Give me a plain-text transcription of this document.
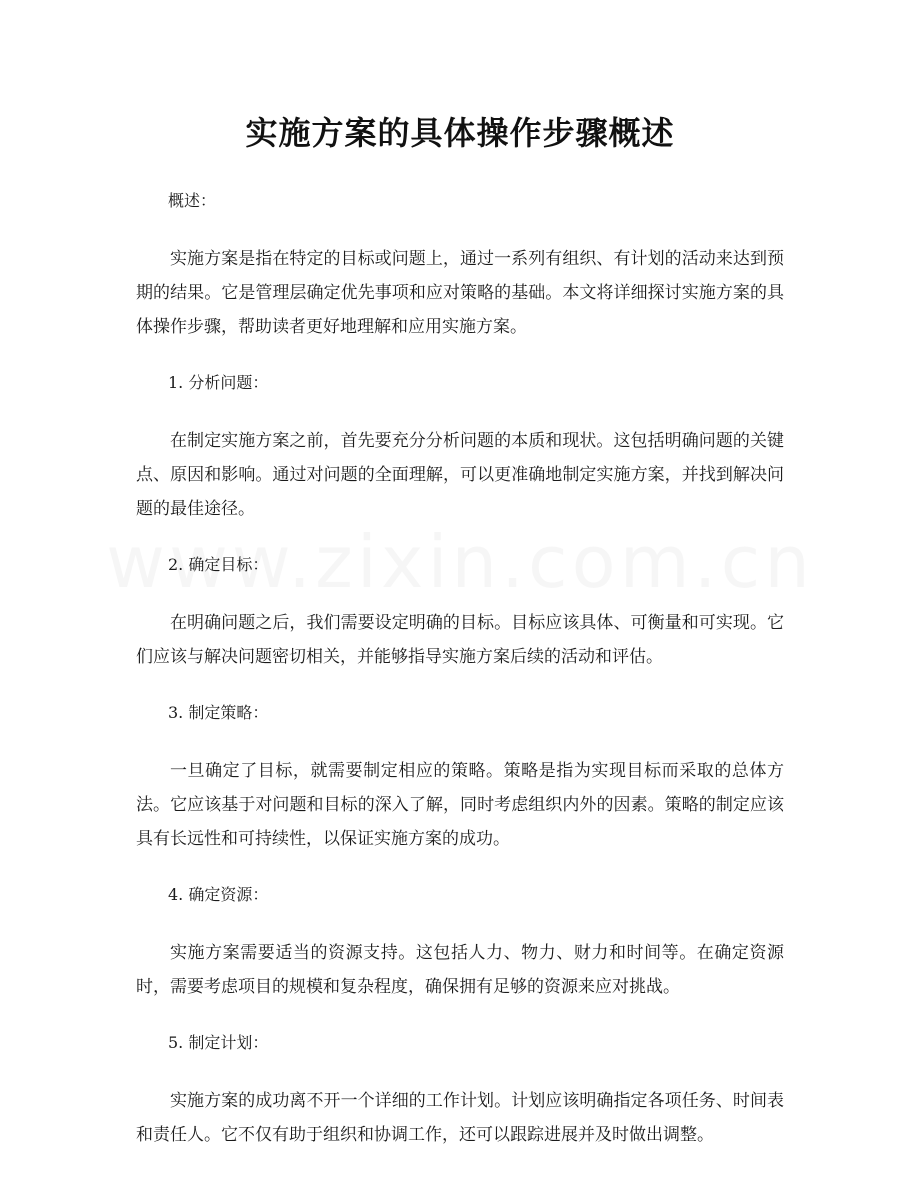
实施方案的具体操作步骤概述

概述：

实施方案是指在特定的目标或问题上，通过一系列有组织、有计划的活动来达到预期的结果。它是管理层确定优先事项和应对策略的基础。本文将详细探讨实施方案的具体操作步骤，帮助读者更好地理解和应用实施方案。

1. 分析问题：

在制定实施方案之前，首先要充分分析问题的本质和现状。这包括明确问题的关键点、原因和影响。通过对问题的全面理解，可以更准确地制定实施方案，并找到解决问题的最佳途径。

2. 确定目标：

在明确问题之后，我们需要设定明确的目标。目标应该具体、可衡量和可实现。它们应该与解决问题密切相关，并能够指导实施方案后续的活动和评估。

3. 制定策略：

一旦确定了目标，就需要制定相应的策略。策略是指为实现目标而采取的总体方法。它应该基于对问题和目标的深入了解，同时考虑组织内外的因素。策略的制定应该具有长远性和可持续性，以保证实施方案的成功。

4. 确定资源：

实施方案需要适当的资源支持。这包括人力、物力、财力和时间等。在确定资源时，需要考虑项目的规模和复杂程度，确保拥有足够的资源来应对挑战。

5. 制定计划：

实施方案的成功离不开一个详细的工作计划。计划应该明确指定各项任务、时间表和责任人。它不仅有助于组织和协调工作，还可以跟踪进展并及时做出调整。
